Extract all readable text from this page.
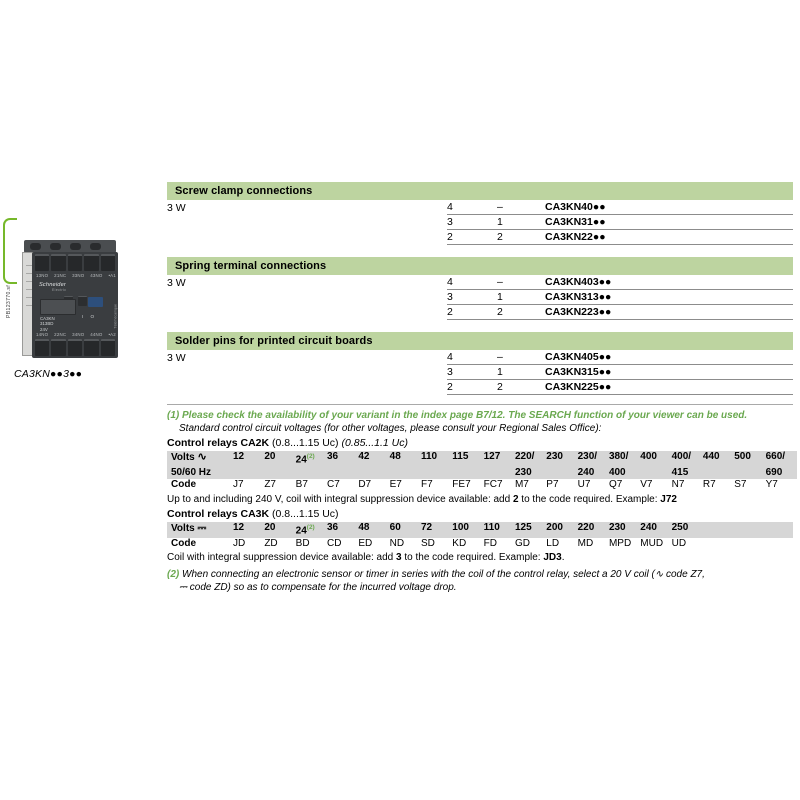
PB123770.sf
13NO 21NC 33NO 43NO •A1
Schneider
Electric
CA3KN
313BD
24V
I O	Télémécanique
14NO 22NC 34NO 44NO •A2
CA3KN●●3●●
Screw clamp connections
3 W	4	–	CA3KN40●●
	3	1	CA3KN31●●
	2	2	CA3KN22●●
Spring terminal connections
3 W	4	–	CA3KN403●●
	3	1	CA3KN313●●
	2	2	CA3KN223●●
Solder pins for printed circuit boards
3 W	4	–	CA3KN405●●
	3	1	CA3KN315●●
	2	2	CA3KN225●●
(1) Please check the availability of your variant in the index page B7/12. The SEARCH function of your viewer can be used.
Standard control circuit voltages (for other voltages, please consult your Regional Sales Office):
Control relays CA2K (0.8...1.15 Uc) (0.85...1.1 Uc)
Volts ∿	12	20	24$^{(2)}$	36	42	48	110	115	127	220/	230	230/	380/	400	400/	440	500	660/
50/60 Hz										230		240	400		415			690
Code	J7	Z7	B7	C7	D7	E7	F7	FE7	FC7	M7	P7	U7	Q7	V7	N7	R7	S7	Y7
Up to and including 240 V, coil with integral suppression device available: add 2 to the code required. Example: J72
Control relays CA3K (0.8...1.15 Uc)
Volts ⎓	12	20	24$^{(2)}$	36	48	60	72	100	110	125	200	220	230	240	250			
Code	JD	ZD	BD	CD	ED	ND	SD	KD	FD	GD	LD	MD	MPD	MUD	UD			
Coil with integral suppression device available: add 3 to the code required. Example: JD3.
(2) When connecting an electronic sensor or timer in series with the coil of the control relay, select a 20 V coil (∿ code Z7,
⎓ code ZD) so as to compensate for the incurred voltage drop.
